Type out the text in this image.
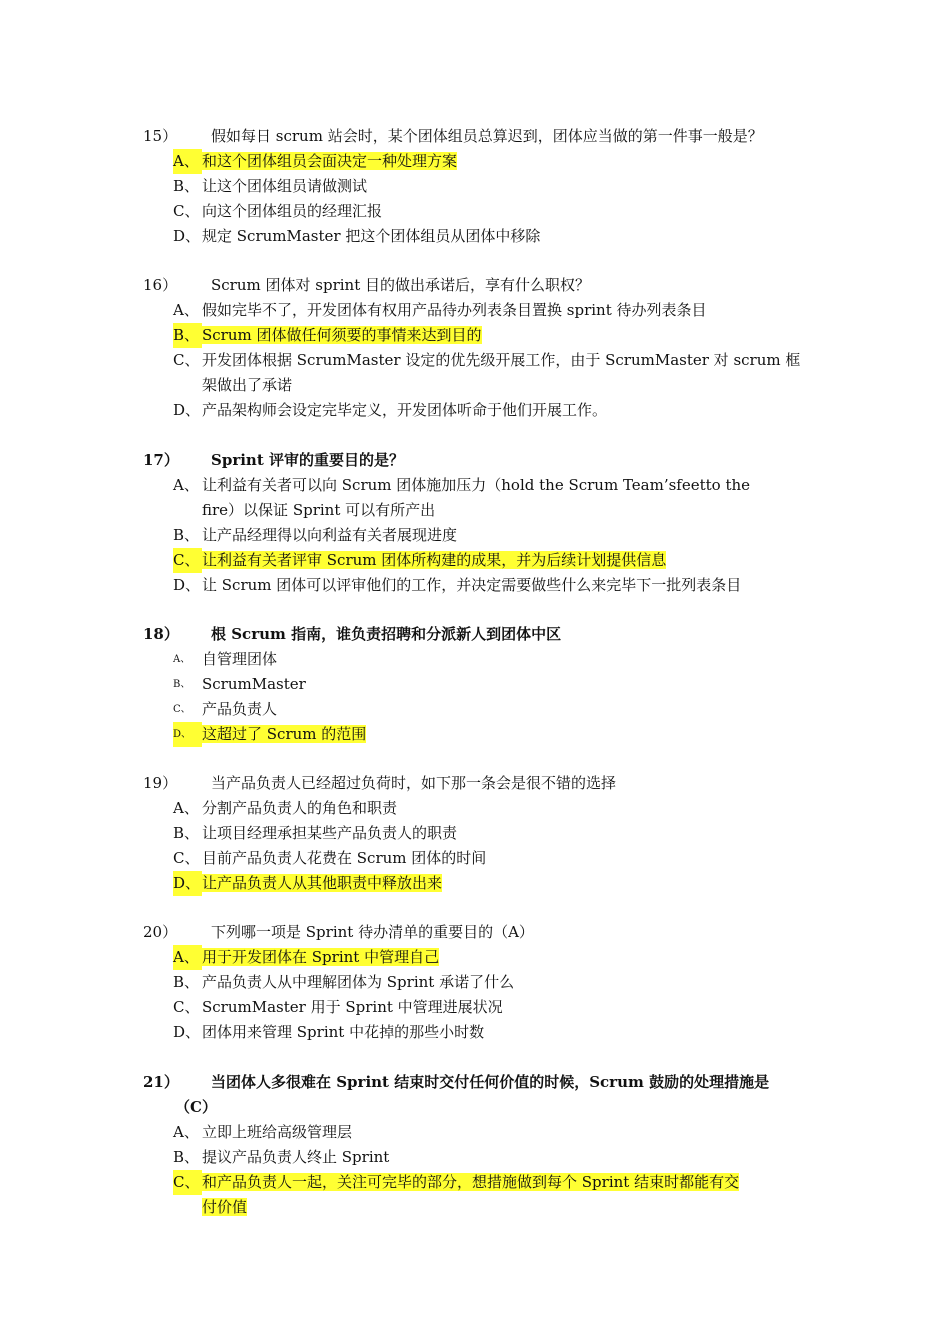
15）	假如每日 scrum 站会时，某个团体组员总算迟到，团体应当做的第一件事一般是？
A、 和这个团体组员会面决定一种处理方案
B、 让这个团体组员请做测试
C、 向这个团体组员的经理汇报
D、 规定 ScrumMaster 把这个团体组员从团体中移除
16）	Scrum 团体对 sprint 目的做出承诺后，享有什么职权？
A、 假如完毕不了，开发团体有权用产品待办列表条目置换 sprint 待办列表条目
B、 Scrum 团体做任何须要的事情来达到目的
C、 开发团体根据 ScrumMaster 设定的优先级开展工作，由于 ScrumMaster 对 scrum 框
架做出了承诺
D、 产品架构师会设定完毕定义，开发团体听命于他们开展工作。
17）	Sprint 评审的重要目的是？
A、 让利益有关者可以向 Scrum 团体施加压力（hold the Scrum Team’sfeetto the
fire）以保证 Sprint 可以有所产出
B、 让产品经理得以向利益有关者展现进度
C、 让利益有关者评审 Scrum 团体所构建的成果，并为后续计划提供信息
D、 让 Scrum 团体可以评审他们的工作，并决定需要做些什么来完毕下一批列表条目
18）	根 Scrum 指南，谁负责招聘和分派新人到团体中区
A、 自管理团体
B、 ScrumMaster
C、 产品负责人
D、 这超过了 Scrum 的范围
19）	当产品负责人已经超过负荷时，如下那一条会是很不错的选择
A、 分割产品负责人的角色和职责
B、 让项目经理承担某些产品负责人的职责
C、 目前产品负责人花费在 Scrum 团体的时间
D、 让产品负责人从其他职责中释放出来
20）	下列哪一项是 Sprint 待办清单的重要目的（A）
A、 用于开发团体在 Sprint 中管理自己
B、 产品负责人从中理解团体为 Sprint 承诺了什么
C、 ScrumMaster 用于 Sprint 中管理进展状况
D、 团体用来管理 Sprint 中花掉的那些小时数
21）	当团体人多很难在 Sprint 结束时交付任何价值的时候，Scrum 鼓励的处理措施是
（C）
A、 立即上班给高级管理层
B、 提议产品负责人终止 Sprint
C、 和产品负责人一起，关注可完毕的部分，想措施做到每个 Sprint 结束时都能有交
付价值
